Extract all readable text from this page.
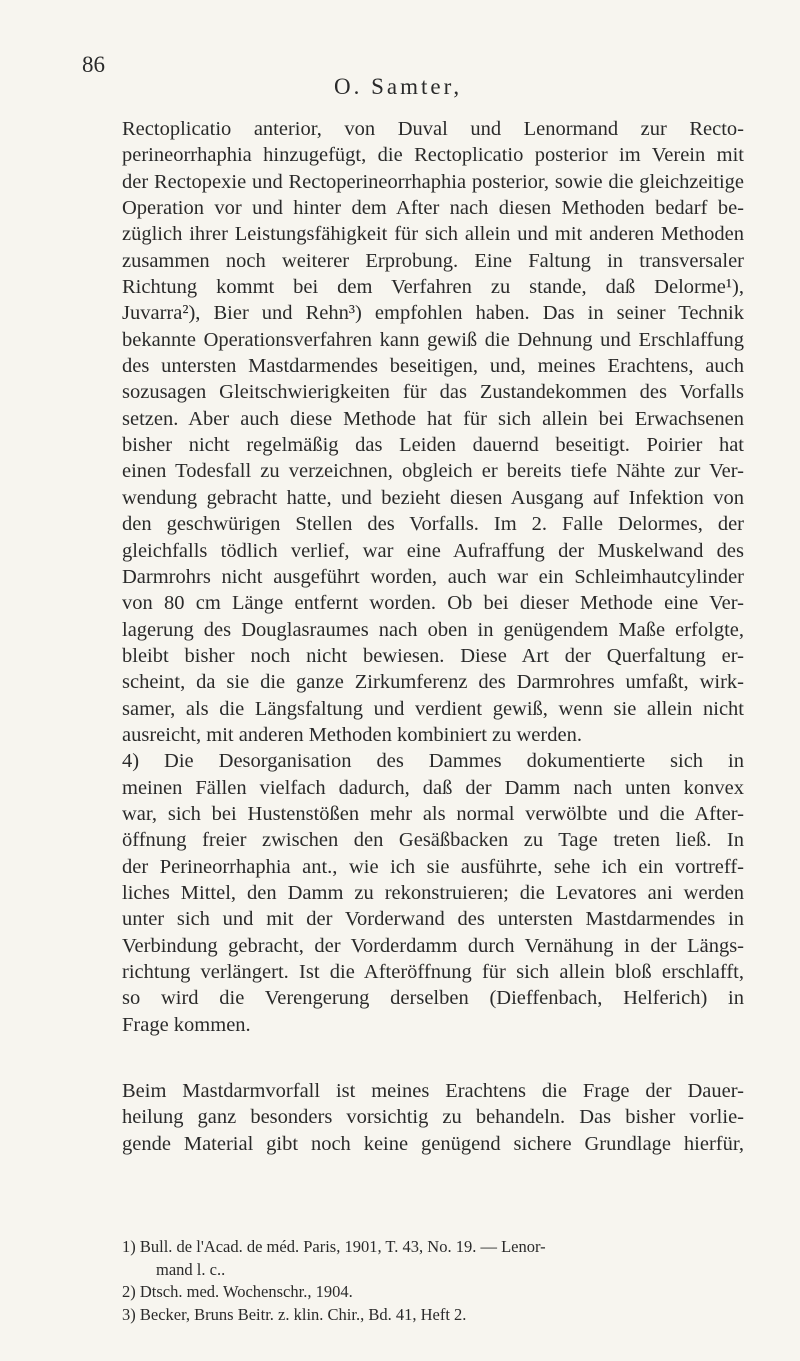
86
O. Samter,
Rectoplicatio anterior, von Duval und Lenormand zur Recto-
perineorrhaphia hinzugefügt, die Rectoplicatio posterior im Verein mit
der Rectopexie und Rectoperineorrhaphia posterior, sowie die gleichzeitige
Operation vor und hinter dem After nach diesen Methoden bedarf be-
züglich ihrer Leistungsfähigkeit für sich allein und mit anderen Methoden
zusammen noch weiterer Erprobung. Eine Faltung in transversaler
Richtung kommt bei dem Verfahren zu stande, daß Delorme¹),
Juvarra²), Bier und Rehn³) empfohlen haben. Das in seiner Technik
bekannte Operationsverfahren kann gewiß die Dehnung und Erschlaffung
des untersten Mastdarmendes beseitigen, und, meines Erachtens, auch
sozusagen Gleitschwierigkeiten für das Zustandekommen des Vorfalls
setzen. Aber auch diese Methode hat für sich allein bei Erwachsenen
bisher nicht regelmäßig das Leiden dauernd beseitigt. Poirier hat
einen Todesfall zu verzeichnen, obgleich er bereits tiefe Nähte zur Ver-
wendung gebracht hatte, und bezieht diesen Ausgang auf Infektion von
den geschwürigen Stellen des Vorfalls. Im 2. Falle Delormes, der
gleichfalls tödlich verlief, war eine Aufraffung der Muskelwand des
Darmrohrs nicht ausgeführt worden, auch war ein Schleimhautcylinder
von 80 cm Länge entfernt worden. Ob bei dieser Methode eine Ver-
lagerung des Douglasraumes nach oben in genügendem Maße erfolgte,
bleibt bisher noch nicht bewiesen. Diese Art der Querfaltung er-
scheint, da sie die ganze Zirkumferenz des Darmrohres umfaßt, wirk-
samer, als die Längsfaltung und verdient gewiß, wenn sie allein nicht
ausreicht, mit anderen Methoden kombiniert zu werden.
4) Die Desorganisation des Dammes dokumentierte sich in
meinen Fällen vielfach dadurch, daß der Damm nach unten konvex
war, sich bei Hustenstößen mehr als normal verwölbte und die After-
öffnung freier zwischen den Gesäßbacken zu Tage treten ließ. In
der Perineorrhaphia ant., wie ich sie ausführte, sehe ich ein vortreff-
liches Mittel, den Damm zu rekonstruieren; die Levatores ani werden
unter sich und mit der Vorderwand des untersten Mastdarmendes in
Verbindung gebracht, der Vorderdamm durch Vernähung in der Längs-
richtung verlängert. Ist die Afteröffnung für sich allein bloß erschlafft,
so wird die Verengerung derselben (Dieffenbach, Helferich) in
Frage kommen.
Beim Mastdarmvorfall ist meines Erachtens die Frage der Dauer-
heilung ganz besonders vorsichtig zu behandeln. Das bisher vorlie-
gende Material gibt noch keine genügend sichere Grundlage hierfür,
1) Bull. de l'Acad. de méd. Paris, 1901, T. 43, No. 19. — Lenor-
mand l. c..
2) Dtsch. med. Wochenschr., 1904.
3) Becker, Bruns Beitr. z. klin. Chir., Bd. 41, Heft 2.
